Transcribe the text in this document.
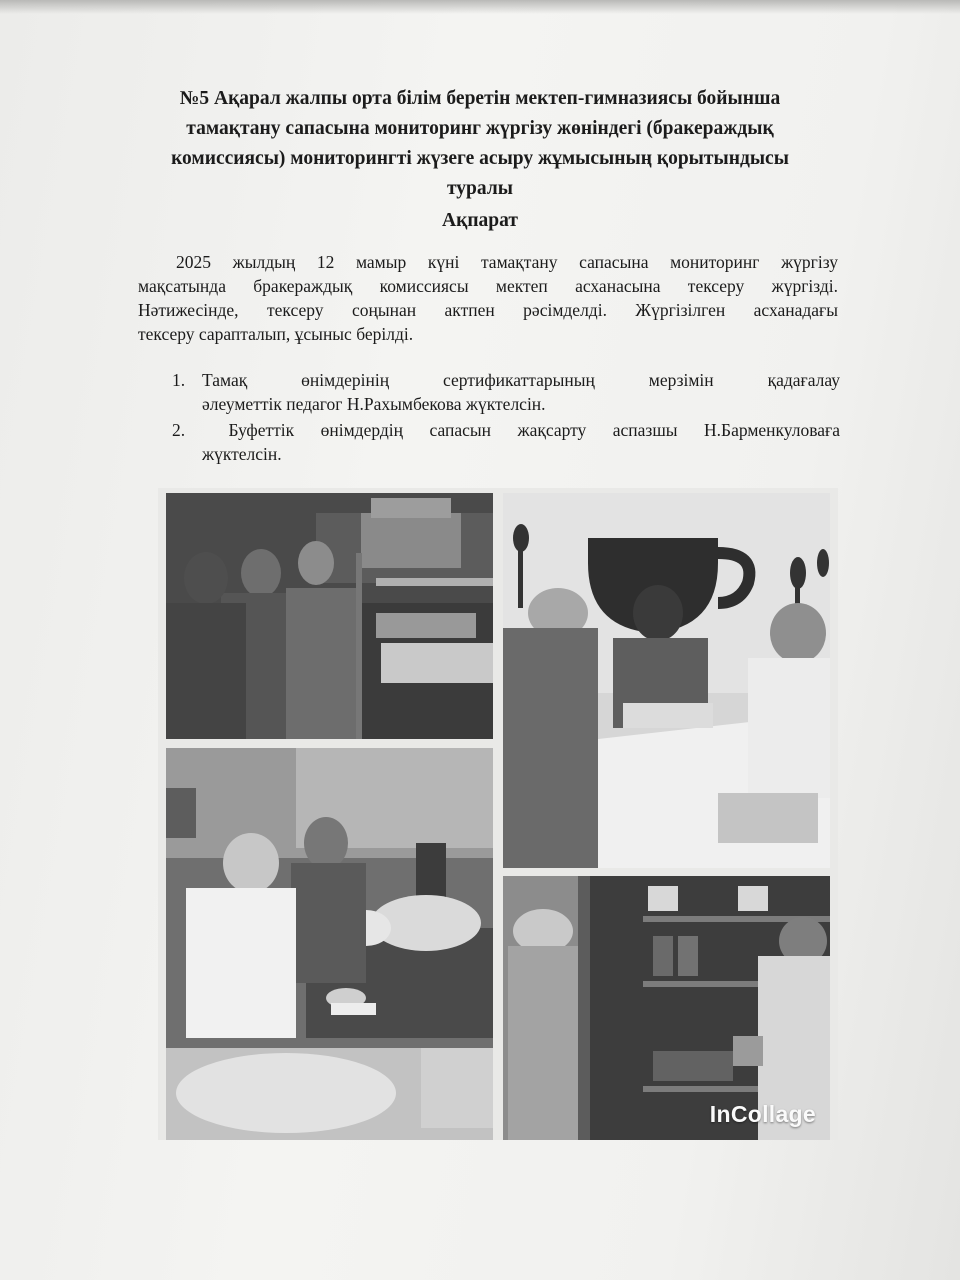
№5 Ақарал жалпы орта білім беретін мектеп-гимназиясы бойынша
тамақтану сапасына мониторинг жүргізу жөніндегі (бракераждық
комиссиясы) мониторингті жүзеге асыру жұмысының қорытындысы
туралы
Ақпарат
2025 жылдың 12 мамыр күні тамақтану сапасына мониторинг жүргізу
мақсатында бракераждық комиссиясы мектеп асханасына тексеру жүргізді.
Нәтижесінде, тексеру соңынан актпен рәсімделді. Жүргізілген асханадағы
тексеру сарапталып, ұсыныс берілді.
1. Тамақ өнімдерінің сертификаттарының мерзімін қадағалау
әлеуметтік педагог Н.Рахымбекова жүктелсін.
2. Буфеттік өнімдердің сапасын жақсарту аспазшы Н.Барменкуловаға
жүктелсін.
InCollage
